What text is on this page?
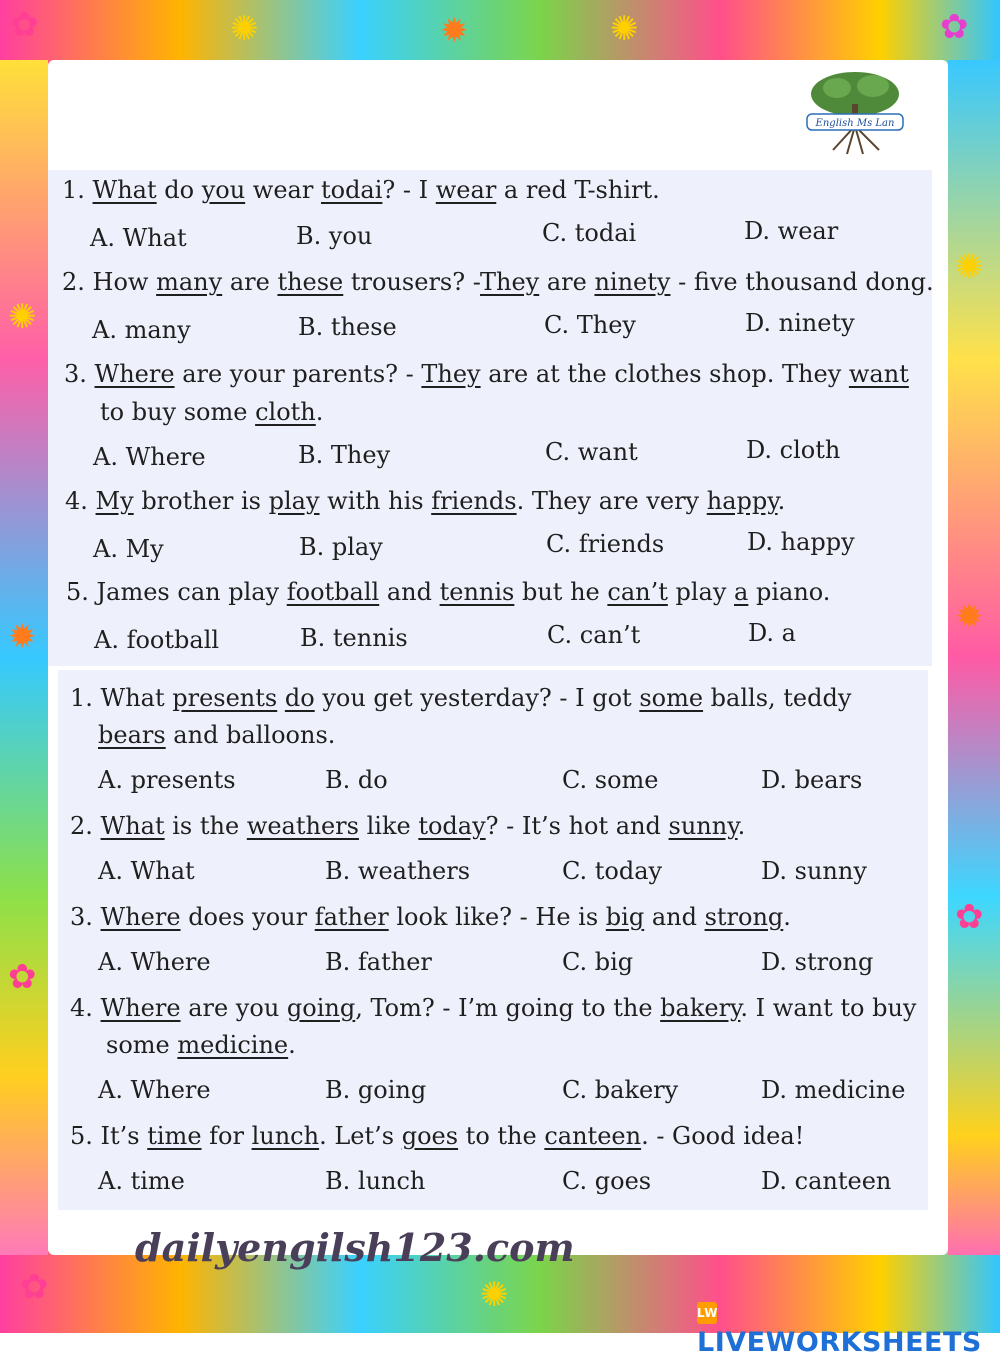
✿	✺	✹	✺	✿
✺
✹
✿
✺
✹
✿
✿	✺
English Ms Lan
1. What do you wear todai? - I wear a red T-shirt.
A. What	B. you	C. todai	D. wear
2. How many are these trousers? -They are ninety - five thousand dong.
A. many	B. these	C. They	D. ninety
3. Where are your parents? - They are at the clothes shop. They want
to buy some cloth.
A. Where	B. They	C. want	D. cloth
4. My brother is play with his friends. They are very happy.
A. My	B. play	C. friends	D. happy
5. James can play football and tennis but he can’t play a piano.
A. football	B. tennis	C. can’t	D. a
1. What presents do you get yesterday? - I got some balls, teddy
bears and balloons.
A. presents	B. do	C. some	D. bears
2. What is the weathers like today? - It’s hot and sunny.
A. What	B. weathers	C. today	D. sunny
3. Where does your father look like? - He is big and strong.
A. Where	B. father	C. big	D. strong
4. Where are you going, Tom? - I’m going to the bakery. I want to buy
some medicine.
A. Where	B. going	C. bakery	D. medicine
5. It’s time for lunch. Let’s goes to the canteen. - Good idea!
A. time	B. lunch	C. goes	D. canteen
dailyengilsh123.com
LWLIVEWORKSHEETS
